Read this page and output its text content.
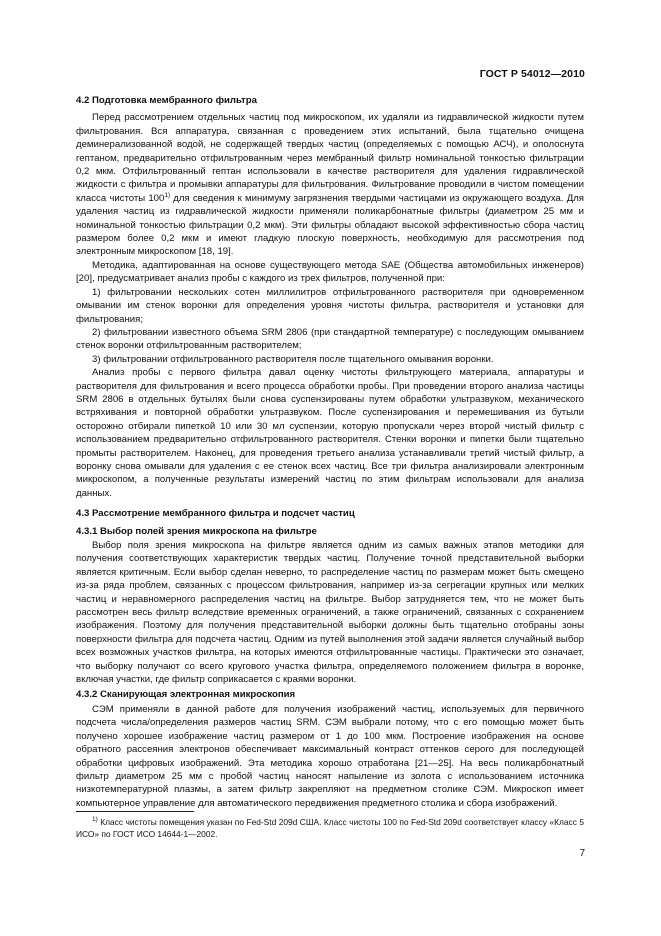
ГОСТ Р 54012—2010

4.2 Подготовка мембранного фильтра

Перед рассмотрением отдельных частиц под микроскопом, их удаляли из гидравлической жидкости путем фильтрования. Вся аппаратура, связанная с проведением этих испытаний, была тщательно очищена деминерализованной водой, не содержащей твердых частиц (определяемых с помощью АСЧ), и ополоснута гептаном, предварительно отфильтрованным через мембранный фильтр номинальной тонкостью фильтрации 0,2 мкм. Отфильтрованный гептан использовали в качестве растворителя для удаления гидравлической жидкости с фильтра и промывки аппаратуры для фильтрования. Фильтрование проводили в чистом помещении класса чистоты 100$^{1)}$ для сведения к минимуму загрязнения твердыми частицами из окружающего воздуха. Для удаления частиц из гидравлической жидкости применяли поликарбонатные фильтры (диаметром 25 мм и номинальной тонкостью фильтрации 0,2 мкм). Эти фильтры обладают высокой эффективностью сбора частиц размером более 0,2 мкм и имеют гладкую плоскую поверхность, необходимую для рассмотрения под электронным микроскопом [18, 19].

Методика, адаптированная на основе существующего метода SAE (Общества автомобильных инженеров) [20], предусматривает анализ пробы с каждого из трех фильтров, полученной при:

1) фильтровании нескольких сотен миллилитров отфильтрованного растворителя при одновременном омывании им стенок воронки для определения уровня чистоты фильтра, растворителя и установки для фильтрования;

2) фильтровании известного объема SRM 2806 (при стандартной температуре) с последующим омыванием стенок воронки отфильтрованным растворителем;

3) фильтровании отфильтрованного растворителя после тщательного омывания воронки.

Анализ пробы с первого фильтра давал оценку чистоты фильтрующего материала, аппаратуры и растворителя для фильтрования и всего процесса обработки пробы. При проведении второго анализа частицы SRM 2806 в отдельных бутылях были снова суспензированы путем обработки ультразвуком, механического встряхивания и повторной обработки ультразвуком. После суспензирования и перемешивания из бутыли осторожно отбирали пипеткой 10 или 30 мл суспензии, которую пропускали через второй чистый фильтр с использованием предварительно отфильтрованного растворителя. Стенки воронки и пипетки были тщательно промыты растворителем. Наконец, для проведения третьего анализа устанавливали третий чистый фильтр, а воронку снова омывали для удаления с ее стенок всех частиц. Все три фильтра анализировали электронным микроскопом, а полученные результаты измерений частиц по этим фильтрам использовали для анализа данных.

4.3 Рассмотрение мембранного фильтра и подсчет частиц

4.3.1 Выбор полей зрения микроскопа на фильтре

Выбор поля зрения микроскопа на фильтре является одним из самых важных этапов методики для получения соответствующих характеристик твердых частиц. Получение точной представительной выборки является критичным. Если выбор сделан неверно, то распределение частиц по размерам может быть смещено из-за ряда проблем, связанных с процессом фильтрования, например из-за сегрегации крупных или мелких частиц и неравномерного распределения частиц на фильтре. Выбор затрудняется тем, что не может быть рассмотрен весь фильтр вследствие временных ограничений, а также ограничений, связанных с сохранением изображения. Поэтому для получения представительной выборки должны быть тщательно отобраны зоны поверхности фильтра для подсчета частиц. Одним из путей выполнения этой задачи является случайный выбор всех возможных участков фильтра, на которых имеются отфильтрованные частицы. Практически это означает, что выборку получают со всего кругового участка фильтра, определяемого положением фильтра в воронке, включая участки, где фильтр соприкасается с краями воронки.

4.3.2 Сканирующая электронная микроскопия

СЭМ применяли в данной работе для получения изображений частиц, используемых для первичного подсчета числа/определения размеров частиц SRM. СЭМ выбрали потому, что с его помощью может быть получено хорошее изображение частиц размером от 1 до 100 мкм. Построение изображения на основе обратного рассеяния электронов обеспечивает максимальный контраст оттенков серого для последующей обработки цифровых изображений. Эта методика хорошо отработана [21—25]. На весь поликарбонатный фильтр диаметром 25 мм с пробой частиц наносят напыление из золота с использованием источника низкотемпературной плазмы, а затем фильтр закрепляют на предметном столике СЭМ. Микроскоп имеет компьютерное управление для автоматического передвижения предметного столика и сбора изображений.

$^{1)}$ Класс чистоты помещения указан по Fed-Std 209d США. Класс чистоты 100 по Fed-Std 209d соответствует классу «Класс 5 ИСО» по ГОСТ ИСО 14644-1—2002.
7
